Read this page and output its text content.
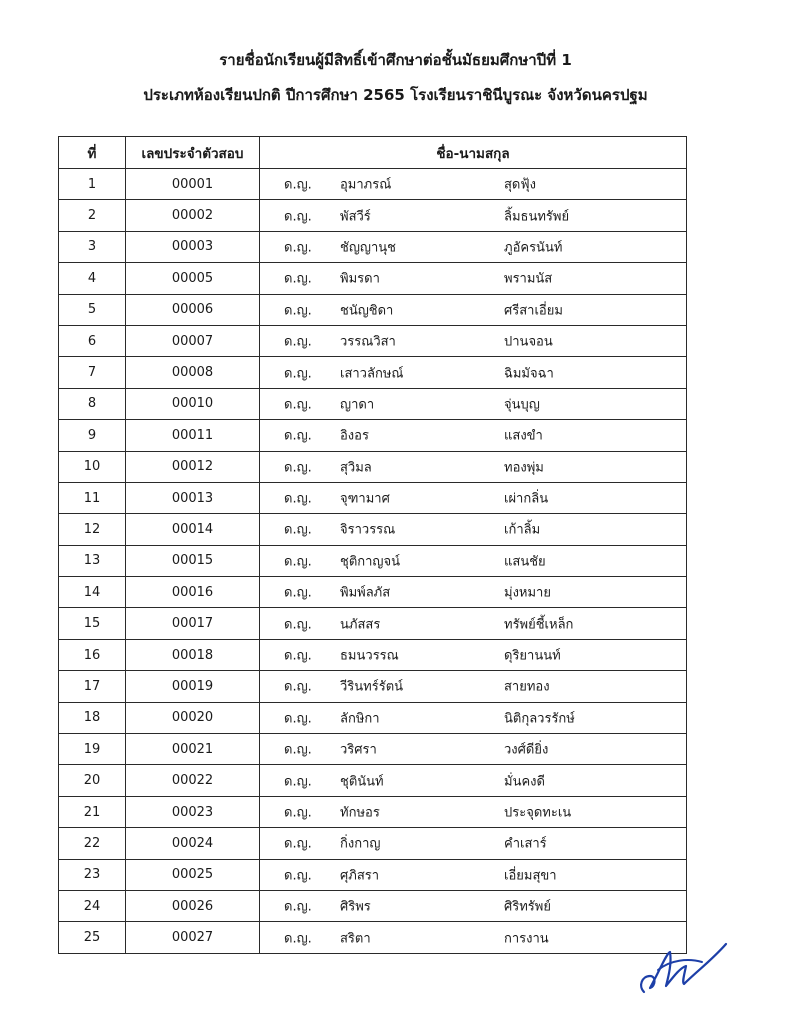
รายชื่อนักเรียนผู้มีสิทธิ์เข้าศึกษาต่อชั้นมัธยมศึกษาปีที่ 1
ประเภทห้องเรียนปกติ ปีการศึกษา 2565 โรงเรียนราชินีบูรณะ จังหวัดนครปฐม
ที่	เลขประจำตัวสอบ	ชื่อ-นามสกุล
1	00001	ด.ญ. อุมาภรณ์ สุดฟุ้ง

2	00002	ด.ญ. พัสวีร์ ลิ้มธนทรัพย์

3	00003	ด.ญ. ชัญญานุช ภูอัครนันท์

4	00005	ด.ญ. พิมรดา พรามนัส

5	00006	ด.ญ. ชนัญชิดา ศรีสาเอี่ยม

6	00007	ด.ญ. วรรณวิสา ปานจอน

7	00008	ด.ญ. เสาวลักษณ์ ฉิมมัจฉา

8	00010	ด.ญ. ญาดา จุ่นบุญ

9	00011	ด.ญ. อิงอร แสงขำ

10	00012	ด.ญ. สุวิมล ทองพุ่ม

11	00013	ด.ญ. จุฑามาศ เผ่ากลิ่น

12	00014	ด.ญ. จิราวรรณ เก้าลิ้ม

13	00015	ด.ญ. ชุติกาญจน์ แสนชัย

14	00016	ด.ญ. พิมพ์ลภัส มุ่งหมาย

15	00017	ด.ญ. นภัสสร ทรัพย์ชี้เหล็ก

16	00018	ด.ญ. ธมนวรรณ ดุริยานนท์

17	00019	ด.ญ. วีรินทร์รัตน์ สายทอง

18	00020	ด.ญ. ลักษิกา นิติกุลวรรักษ์

19	00021	ด.ญ. วริศรา วงศ์ดียิ่ง

20	00022	ด.ญ. ชุตินันท์ มั่นคงดี

21	00023	ด.ญ. ทักษอร ประจุดทะเน

22	00024	ด.ญ. กิ่งกาญ คำเสาร์

23	00025	ด.ญ. ศุภิสรา เอี่ยมสุขา

24	00026	ด.ญ. ศิริพร ศิริทรัพย์

25	00027	ด.ญ. สริตา การงาน
